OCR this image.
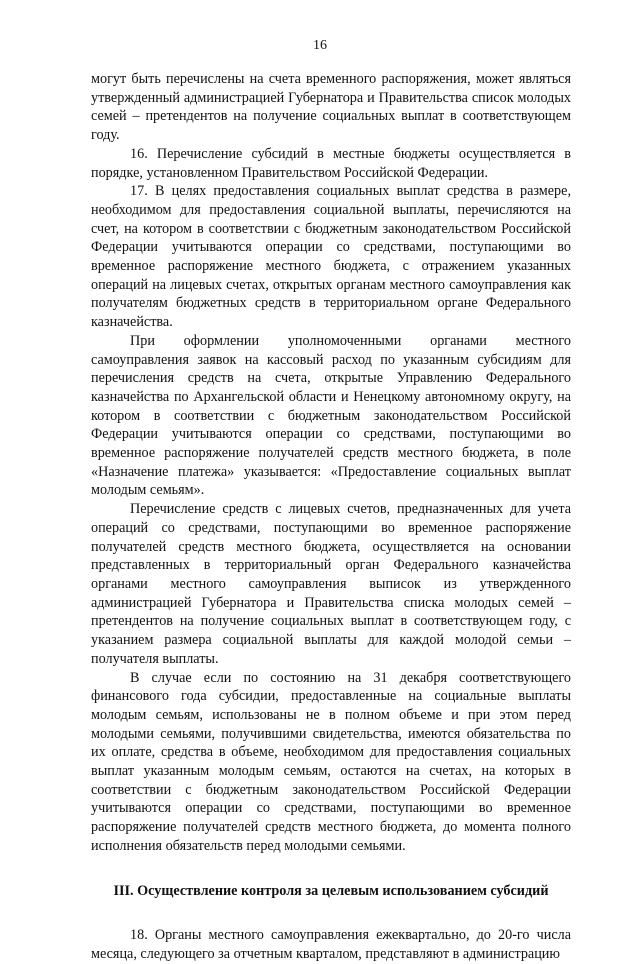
16

могут быть перечислены на счета временного распоряжения, может являться утвержденный администрацией Губернатора и Правительства список молодых семей – претендентов на получение социальных выплат в соответствующем году.

16. Перечисление субсидий в местные бюджеты осуществляется в порядке, установленном Правительством Российской Федерации.

17. В целях предоставления социальных выплат средства в размере, необходимом для предоставления социальной выплаты, перечисляются на счет, на котором в соответствии с бюджетным законодательством Российской Федерации учитываются операции со средствами, поступающими во временное распоряжение местного бюджета, с отражением указанных операций на лицевых счетах, открытых органам местного самоуправления как получателям бюджетных средств в территориальном органе Федерального казначейства.

При оформлении уполномоченными органами местного самоуправления заявок на кассовый расход по указанным субсидиям для перечисления средств на счета, открытые Управлению Федерального казначейства по Архангельской области и Ненецкому автономному округу, на котором в соответствии с бюджетным законодательством Российской Федерации учитываются операции со средствами, поступающими во временное распоряжение получателей средств местного бюджета, в поле «Назначение платежа» указывается: «Предоставление социальных выплат молодым семьям».

Перечисление средств с лицевых счетов, предназначенных для учета операций со средствами, поступающими во временное распоряжение получателей средств местного бюджета, осуществляется на основании представленных в территориальный орган Федерального казначейства органами местного самоуправления выписок из утвержденного администрацией Губернатора и Правительства списка молодых семей – претендентов на получение социальных выплат в соответствующем году, с указанием размера социальной выплаты для каждой молодой семьи – получателя выплаты.

В случае если по состоянию на 31 декабря соответствующего финансового года субсидии, предоставленные на социальные выплаты молодым семьям, использованы не в полном объеме и при этом перед молодыми семьями, получившими свидетельства, имеются обязательства по их оплате, средства в объеме, необходимом для предоставления социальных выплат указанным молодым семьям, остаются на счетах, на которых в соответствии с бюджетным законодательством Российской Федерации учитываются операции со средствами, поступающими во временное распоряжение получателей средств местного бюджета, до момента полного исполнения обязательств перед молодыми семьями.

III. Осуществление контроля за целевым использованием субсидий

18. Органы местного самоуправления ежеквартально, до 20-го числа месяца, следующего за отчетным кварталом, представляют в администрацию
